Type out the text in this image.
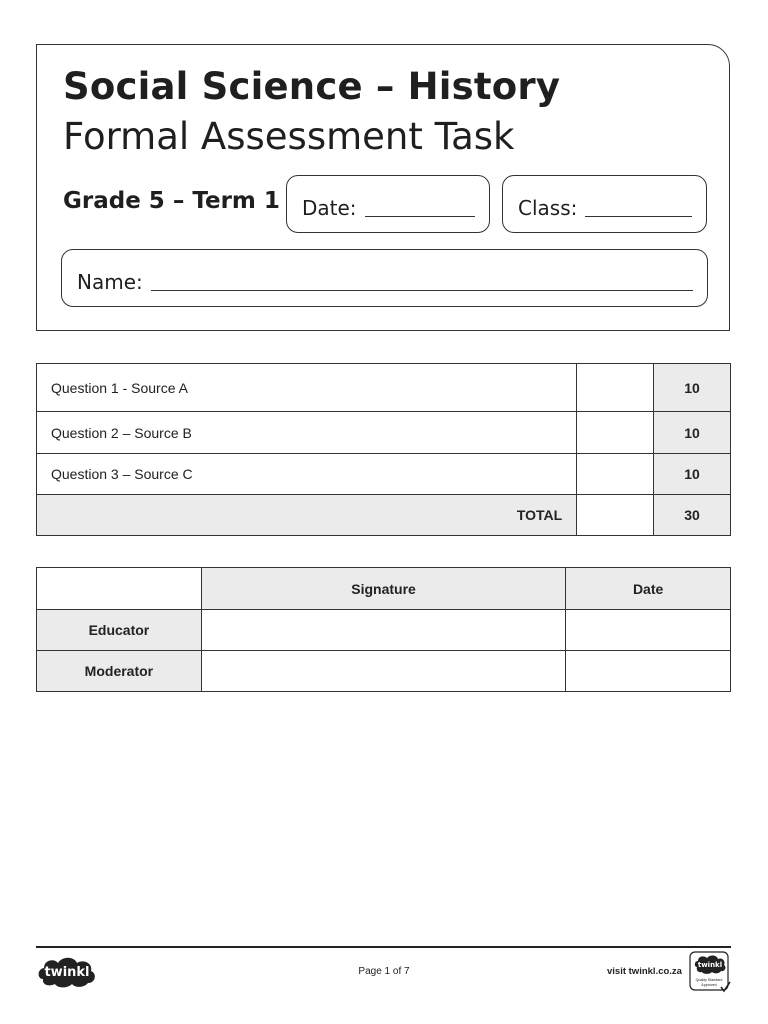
Social Science – History
Formal Assessment Task
Grade 5 – Term 1 Date:	Class:
Name:
Question 1 - Source A		10
Question 2 – Source B		10
Question 3 – Source C		10
TOTAL		30
	Signature	Date
Educator		
Moderator		
twinkl	Page 1 of 7	visit twinkl.co.za
twinkl
Quality Standard
Approved
